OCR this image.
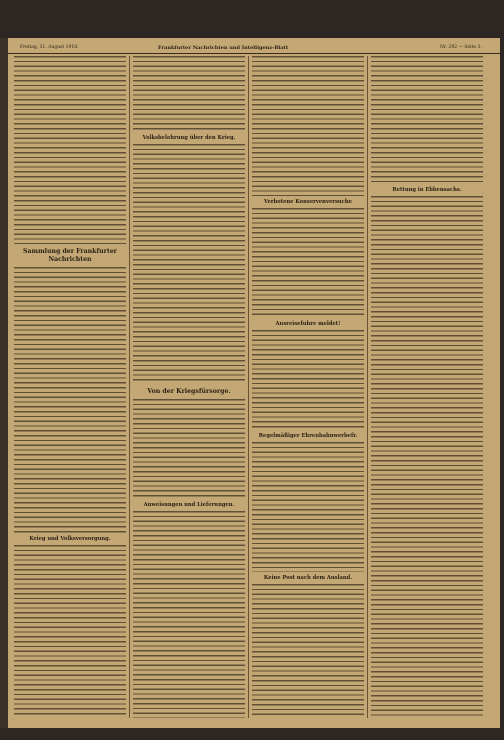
Freitag, 31. August 1918.	Frankfurter Nachrichten und Intelligenz-Blatt	Nr. 292 — Seite 3.
Sammlung der Frankfurter Nachrichten
Krieg und Volksversorgung.
Volksbelehrung über den Krieg.
Von der Kriegsfürsorge.
Anweisungen und Lieferungen.
Verbotene Konservenversuche
Ausreisefuhre meldet!
Regelmäßiger Ehrenbahnwerbefr.
Keine Post nach dem Ausland.
Rettung in Ebbensachs.
